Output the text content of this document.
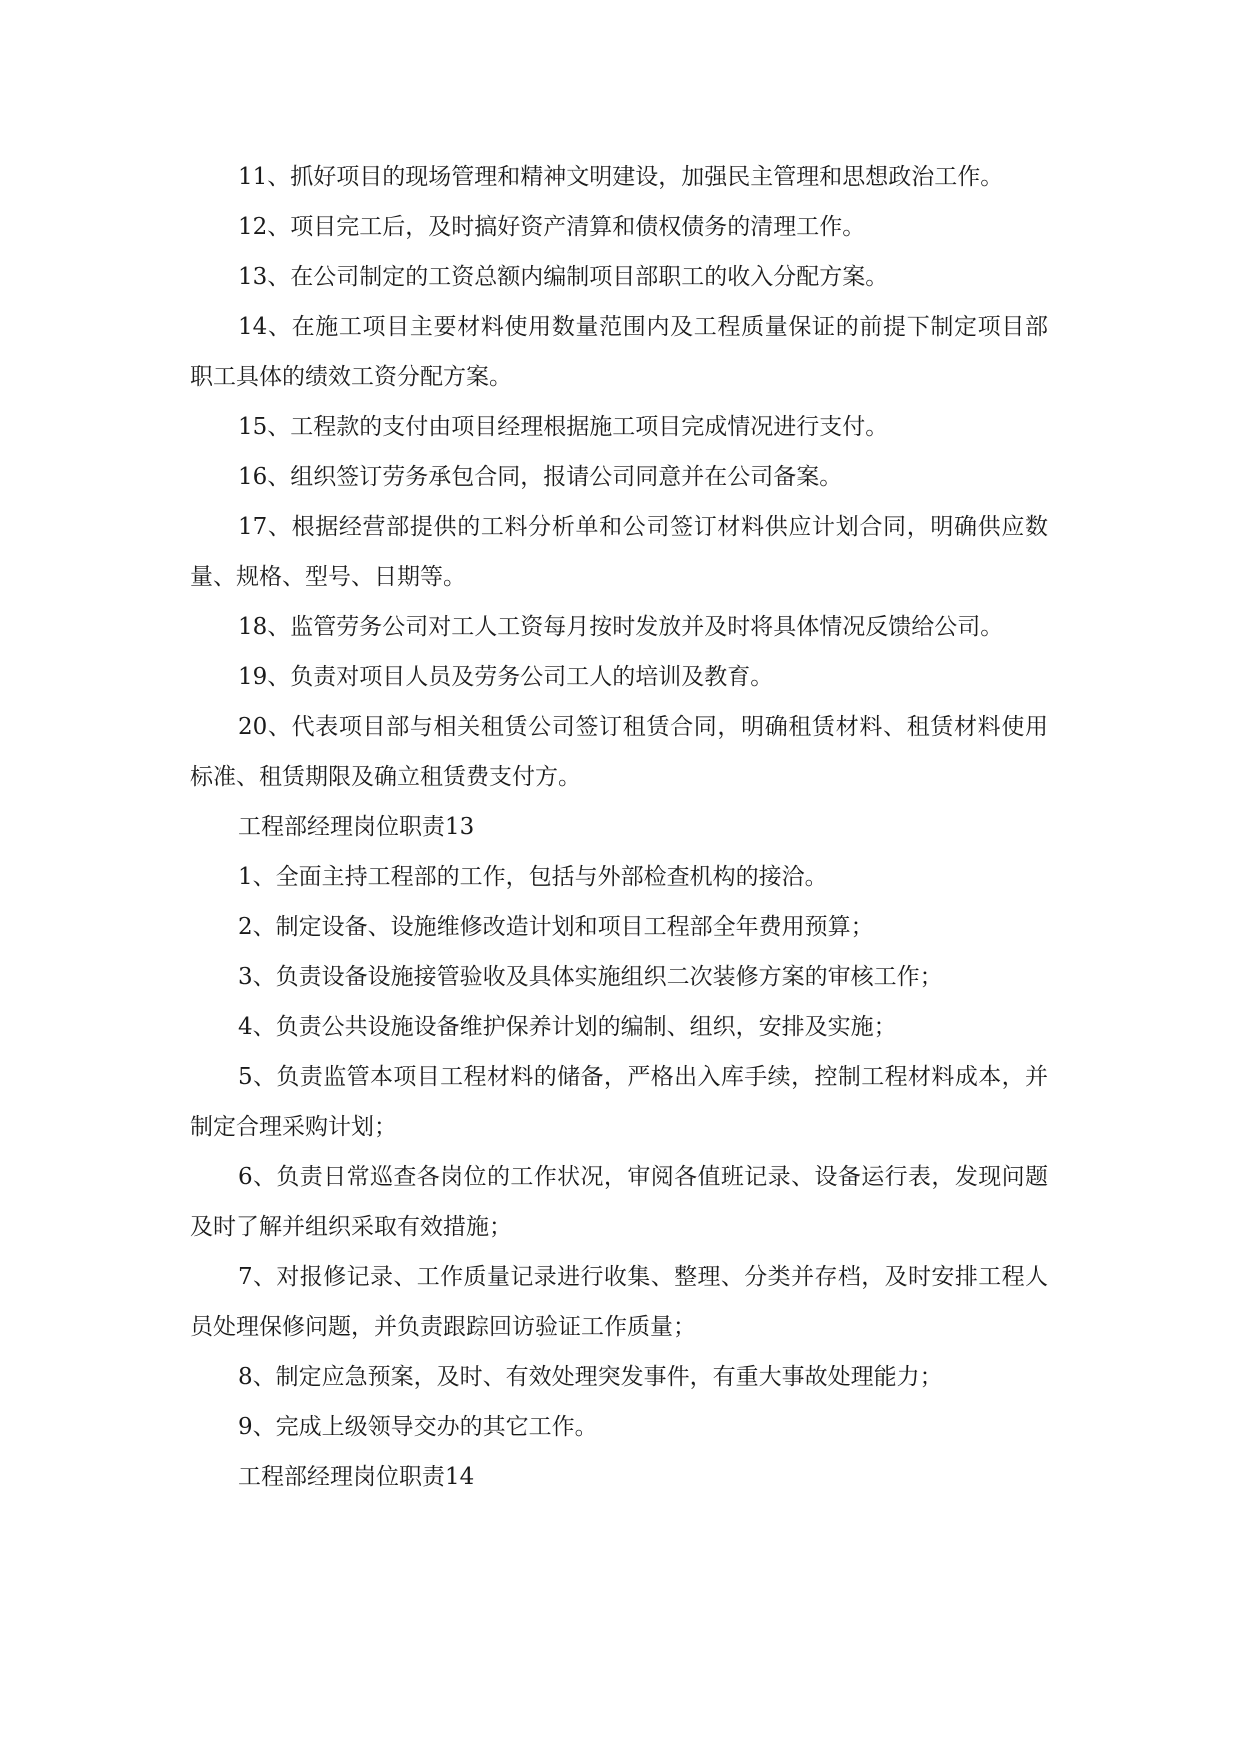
11、抓好项目的现场管理和精神文明建设，加强民主管理和思想政治工作。

12、项目完工后，及时搞好资产清算和债权债务的清理工作。

13、在公司制定的工资总额内编制项目部职工的收入分配方案。

14、在施工项目主要材料使用数量范围内及工程质量保证的前提下制定项目部职工具体的绩效工资分配方案。

15、工程款的支付由项目经理根据施工项目完成情况进行支付。

16、组织签订劳务承包合同，报请公司同意并在公司备案。

17、根据经营部提供的工料分析单和公司签订材料供应计划合同，明确供应数量、规格、型号、日期等。

18、监管劳务公司对工人工资每月按时发放并及时将具体情况反馈给公司。

19、负责对项目人员及劳务公司工人的培训及教育。

20、代表项目部与相关租赁公司签订租赁合同，明确租赁材料、租赁材料使用标准、租赁期限及确立租赁费支付方。

工程部经理岗位职责13

1、全面主持工程部的工作，包括与外部检查机构的接洽。

2、制定设备、设施维修改造计划和项目工程部全年费用预算；

3、负责设备设施接管验收及具体实施组织二次装修方案的审核工作；

4、负责公共设施设备维护保养计划的编制、组织，安排及实施；

5、负责监管本项目工程材料的储备，严格出入库手续，控制工程材料成本，并制定合理采购计划；

6、负责日常巡查各岗位的工作状况，审阅各值班记录、设备运行表，发现问题及时了解并组织采取有效措施；

7、对报修记录、工作质量记录进行收集、整理、分类并存档，及时安排工程人员处理保修问题，并负责跟踪回访验证工作质量；

8、制定应急预案，及时、有效处理突发事件，有重大事故处理能力；

9、完成上级领导交办的其它工作。

工程部经理岗位职责14
